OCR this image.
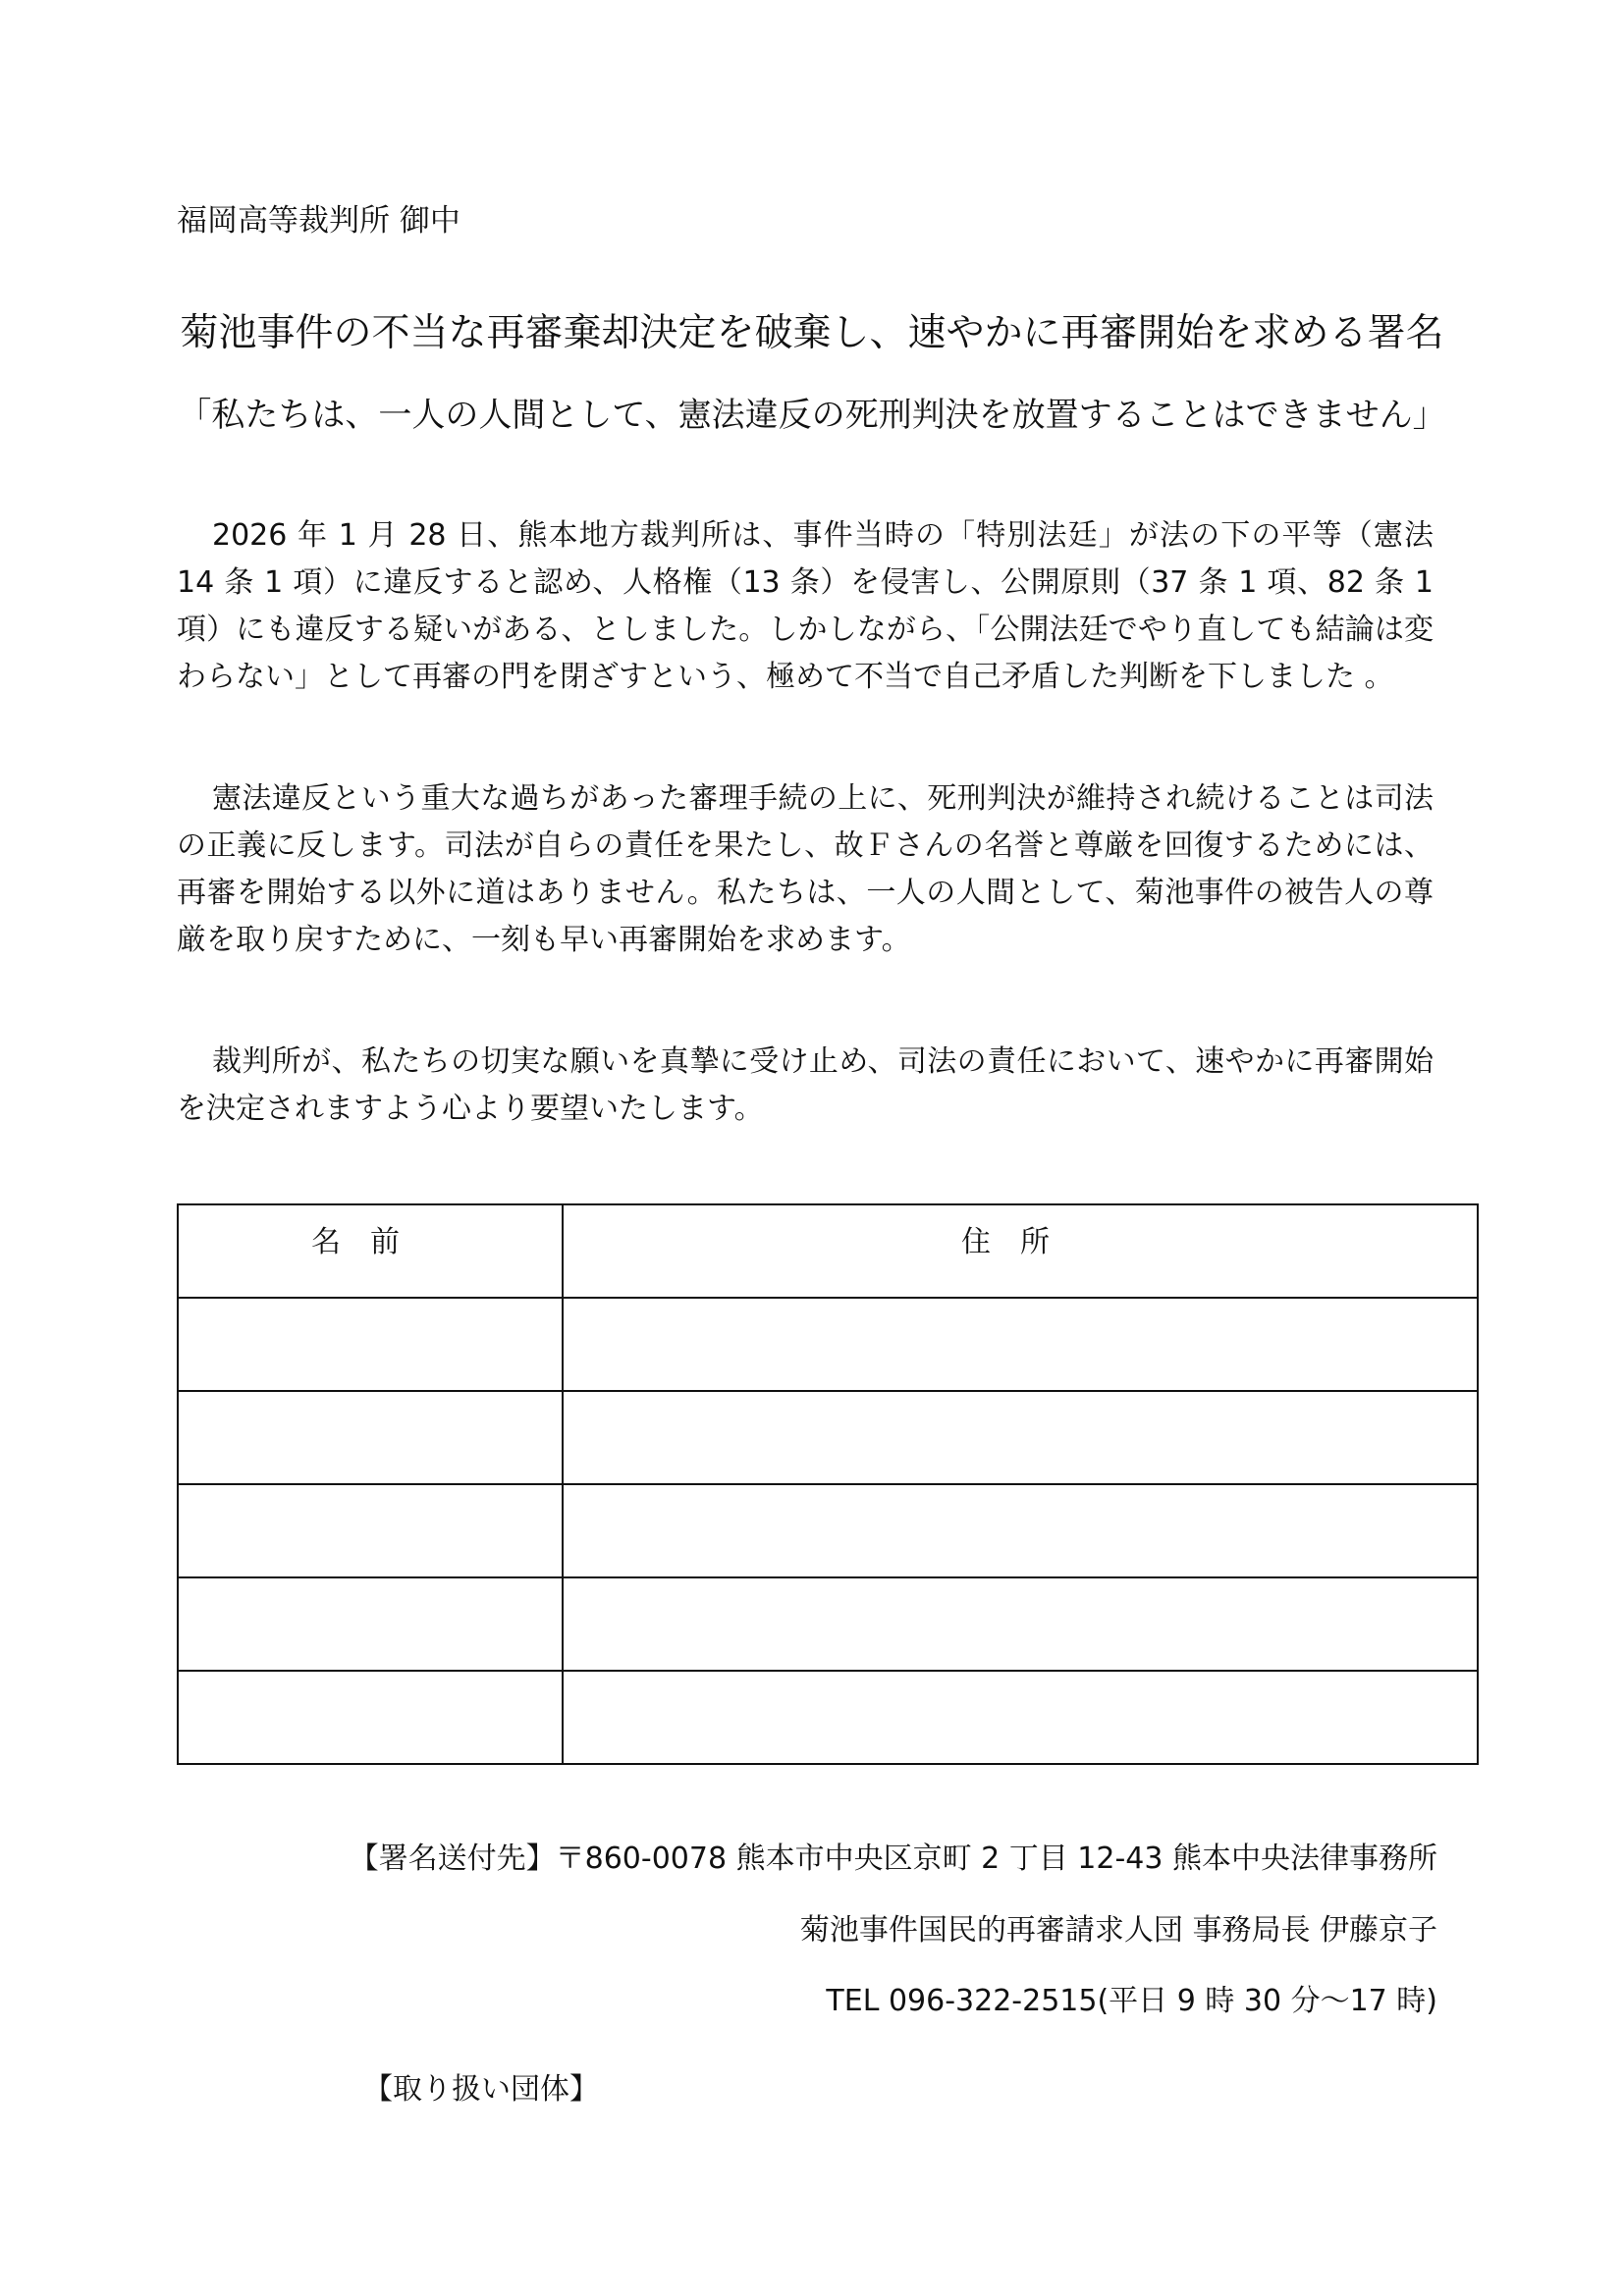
福岡高等裁判所 御中
菊池事件の不当な再審棄却決定を破棄し、速やかに再審開始を求める署名
「私たちは、一人の人間として、憲法違反の死刑判決を放置することはできません」

2026 年 1 月 28 日、熊本地方裁判所は、事件当時の「特別法廷」が法の下の平等（憲法 14 条 1 項）に違反すると認め、人格権（13 条）を侵害し、公開原則（37 条 1 項、82 条 1 項）にも違反する疑いがある、としました。しかしながら、「公開法廷でやり直しても結論は変わらない」として再審の門を閉ざすという、極めて不当で自己矛盾した判断を下しました 。

憲法違反という重大な過ちがあった審理手続の上に、死刑判決が維持され続けることは司法の正義に反します。司法が自らの責任を果たし、故Ｆさんの名誉と尊厳を回復するためには、再審を開始する以外に道はありません。私たちは、一人の人間として、菊池事件の被告人の尊厳を取り戻すために、一刻も早い再審開始を求めます。

裁判所が、私たちの切実な願いを真摯に受け止め、司法の責任において、速やかに再審開始を決定されますよう心より要望いたします。

名前	住所

【署名送付先】〒860-0078 熊本市中央区京町 2 丁目 12-43 熊本中央法律事務所
菊池事件国民的再審請求人団 事務局長 伊藤京子
TEL 096-322-2515(平日 9 時 30 分～17 時)
【取り扱い団体】
